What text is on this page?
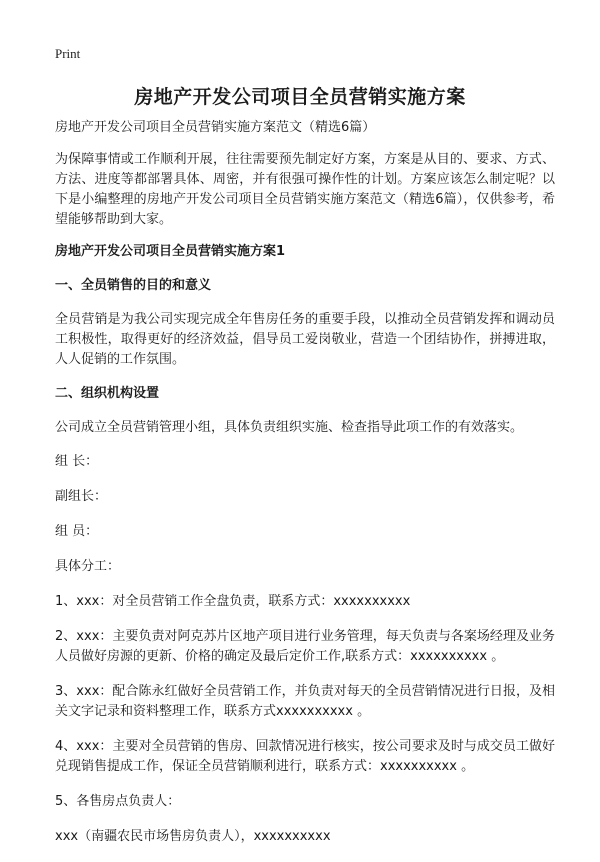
Print
房地产开发公司项目全员营销实施方案

房地产开发公司项目全员营销实施方案范文（精选6篇）

为保障事情或工作顺利开展，往往需要预先制定好方案，方案是从目的、要求、方式、方法、进度等都部署具体、周密，并有很强可操作性的计划。方案应该怎么制定呢？以下是小编整理的房地产开发公司项目全员营销实施方案范文（精选6篇），仅供参考，希望能够帮助到大家。

房地产开发公司项目全员营销实施方案1

一、全员销售的目的和意义

全员营销是为我公司实现完成全年售房任务的重要手段，以推动全员营销发挥和调动员工积极性，取得更好的经济效益，倡导员工爱岗敬业，营造一个团结协作，拼搏进取，人人促销的工作氛围。

二、组织机构设置

公司成立全员营销管理小组，具体负责组织实施、检查指导此项工作的有效落实。

组 长：

副组长：

组 员：

具体分工：

1、xxx：对全员营销工作全盘负责，联系方式：xxxxxxxxxx

2、xxx：主要负责对阿克苏片区地产项目进行业务管理，每天负责与各案场经理及业务人员做好房源的更新、价格的确定及最后定价工作,联系方式：xxxxxxxxxx 。

3、xxx：配合陈永红做好全员营销工作，并负责对每天的全员营销情况进行日报，及相关文字记录和资料整理工作，联系方式xxxxxxxxxx 。

4、xxx：主要对全员营销的售房、回款情况进行核实，按公司要求及时与成交员工做好兑现销售提成工作，保证全员营销顺利进行，联系方式：xxxxxxxxxx 。

5、各售房点负责人：

xxx（南疆农民市场售房负责人），xxxxxxxxxx
